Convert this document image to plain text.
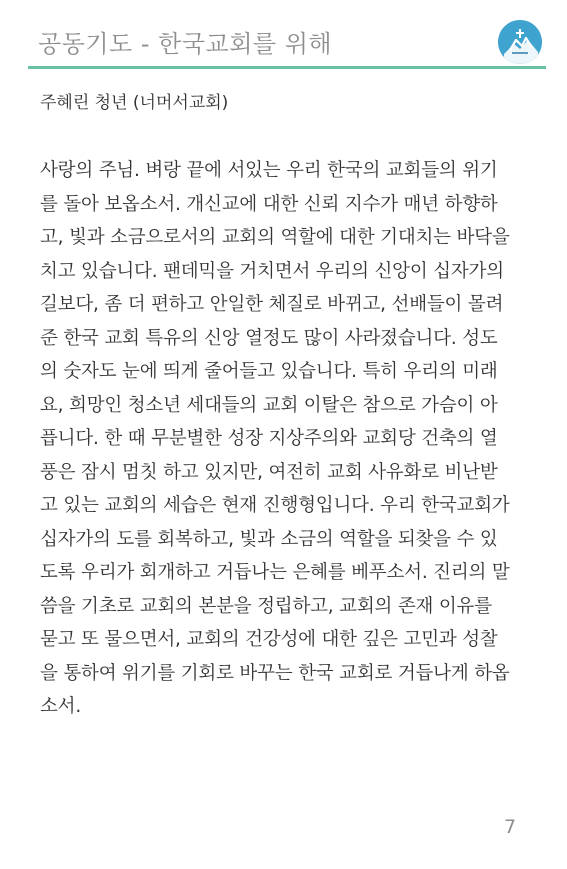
공동기도 - 한국교회를 위해
주혜린 청년 (너머서교회)
사랑의 주님. 벼랑 끝에 서있는 우리 한국의 교회들의 위기
를 돌아 보옵소서. 개신교에 대한 신뢰 지수가 매년 하향하
고, 빛과 소금으로서의 교회의 역할에 대한 기대치는 바닥을
치고 있습니다. 팬데믹을 거치면서 우리의 신앙이 십자가의
길보다, 좀 더 편하고 안일한 체질로 바뀌고, 선배들이 몰려
준 한국 교회 특유의 신앙 열정도 많이 사라졌습니다. 성도
의 숫자도 눈에 띄게 줄어들고 있습니다. 특히 우리의 미래
요, 희망인 청소년 세대들의 교회 이탈은 참으로 가슴이 아
픕니다. 한 때 무분별한 성장 지상주의와 교회당 건축의 열
풍은 잠시 멈칫 하고 있지만, 여전히 교회 사유화로 비난받
고 있는 교회의 세습은 현재 진행형입니다. 우리 한국교회가
십자가의 도를 회복하고, 빛과 소금의 역할을 되찾을 수 있
도록 우리가 회개하고 거듭나는 은혜를 베푸소서. 진리의 말
씀을 기초로 교회의 본분을 정립하고, 교회의 존재 이유를
묻고 또 물으면서, 교회의 건강성에 대한 깊은 고민과 성찰
을 통하여 위기를 기회로 바꾸는 한국 교회로 거듭나게 하옵
소서.
7
